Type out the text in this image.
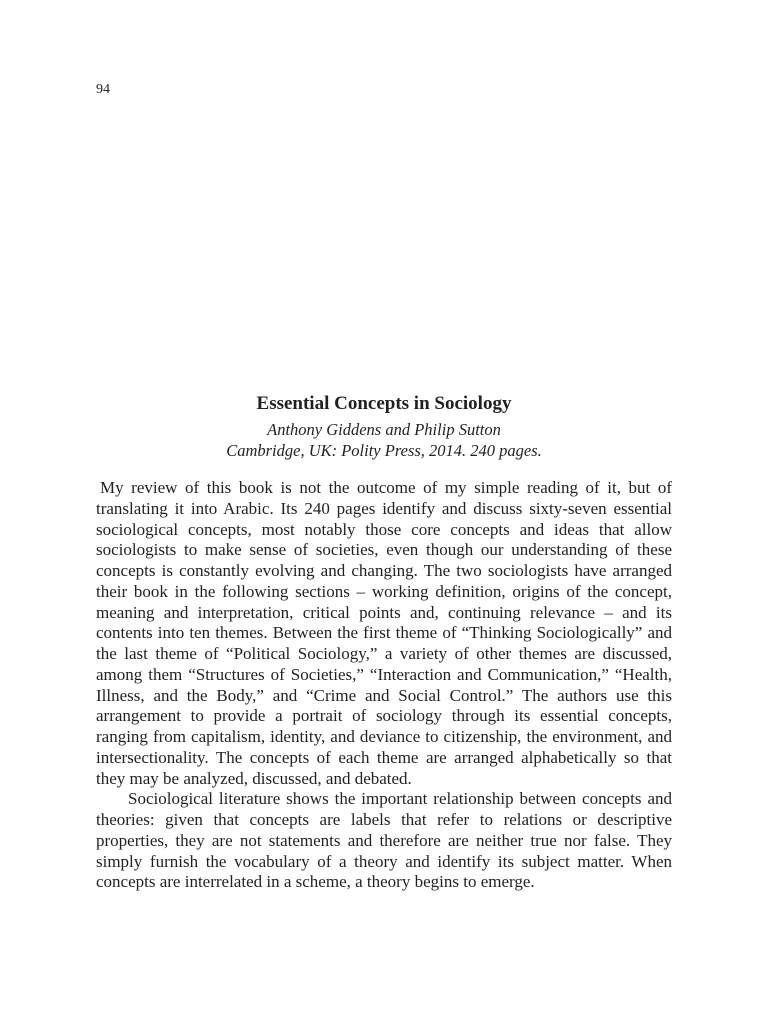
94
Essential Concepts in Sociology

Anthony Giddens and Philip Sutton

Cambridge, UK: Polity Press, 2014. 240 pages.

My review of this book is not the outcome of my simple reading of it, but of translating it into Arabic. Its 240 pages identify and discuss sixty-seven essential sociological concepts, most notably those core concepts and ideas that allow sociologists to make sense of societies, even though our understanding of these concepts is constantly evolving and changing. The two sociologists have arranged their book in the following sections – working definition, origins of the concept, meaning and interpretation, critical points and, continuing relevance – and its contents into ten themes. Between the first theme of “Thinking Sociologically” and the last theme of “Political Sociology,” a variety of other themes are discussed, among them “Structures of Societies,” “Interaction and Communication,” “Health, Illness, and the Body,” and “Crime and Social Control.” The authors use this arrangement to provide a portrait of sociology through its essential concepts, ranging from capitalism, identity, and deviance to citizenship, the environment, and intersectionality. The concepts of each theme are arranged alphabetically so that they may be analyzed, discussed, and debated.

Sociological literature shows the important relationship between concepts and theories: given that concepts are labels that refer to relations or descriptive properties, they are not statements and therefore are neither true nor false. They simply furnish the vocabulary of a theory and identify its subject matter. When concepts are interrelated in a scheme, a theory begins to emerge.
